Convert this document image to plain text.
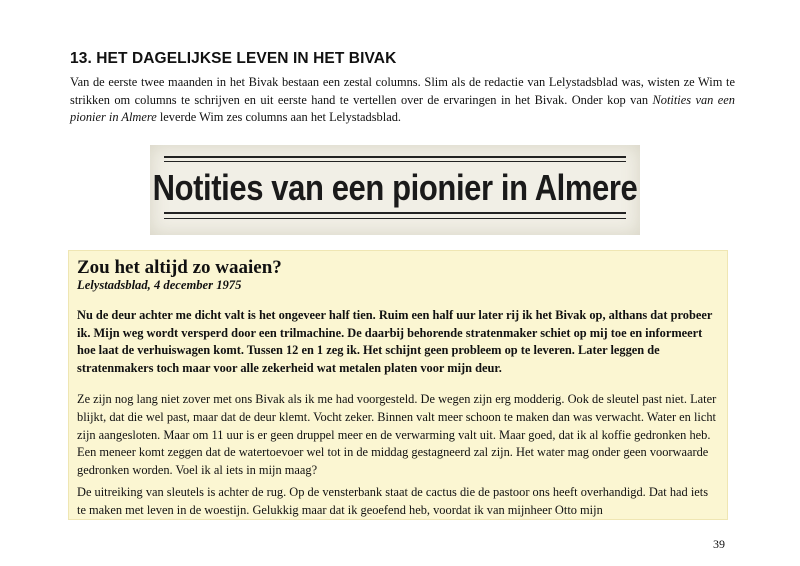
13. HET DAGELIJKSE LEVEN IN HET BIVAK

Van de eerste twee maanden in het Bivak bestaan een zestal columns. Slim als de redactie van Lelystadsblad was, wisten ze Wim te strikken om columns te schrijven en uit eerste hand te vertellen over de ervaringen in het Bivak. Onder kop van Notities van een pionier in Almere leverde Wim zes columns aan het Lelystadsblad.

Notities van een pionier in Almere
Zou het altijd zo waaien?

Lelystadsblad, 4 december 1975

Nu de deur achter me dicht valt is het ongeveer half tien. Ruim een half uur later rij ik het Bivak op, althans dat probeer ik. Mijn weg wordt versperd door een trilmachine. De daarbij behorende stratenmaker schiet op mij toe en informeert hoe laat de verhuiswagen komt. Tussen 12 en 1 zeg ik. Het schijnt geen probleem op te leveren. Later leggen de stratenmakers toch maar voor alle zekerheid wat metalen platen voor mijn deur.

Ze zijn nog lang niet zover met ons Bivak als ik me had voorgesteld. De wegen zijn erg modderig. Ook de sleutel past niet. Later blijkt, dat die wel past, maar dat de deur klemt. Vocht zeker. Binnen valt meer schoon te maken dan was verwacht. Water en licht zijn aangesloten. Maar om 11 uur is er geen druppel meer en de verwarming valt uit. Maar goed, dat ik al koffie gedronken heb. Een meneer komt zeggen dat de watertoevoer wel tot in de middag gestagneerd zal zijn. Het water mag onder geen voorwaarde gedronken worden. Voel ik al iets in mijn maag?

De uitreiking van sleutels is achter de rug. Op de vensterbank staat de cactus die de pastoor ons heeft overhandigd. Dat had iets te maken met leven in de woestijn. Gelukkig maar dat ik geoefend heb, voordat ik van mijnheer Otto mijn

39
